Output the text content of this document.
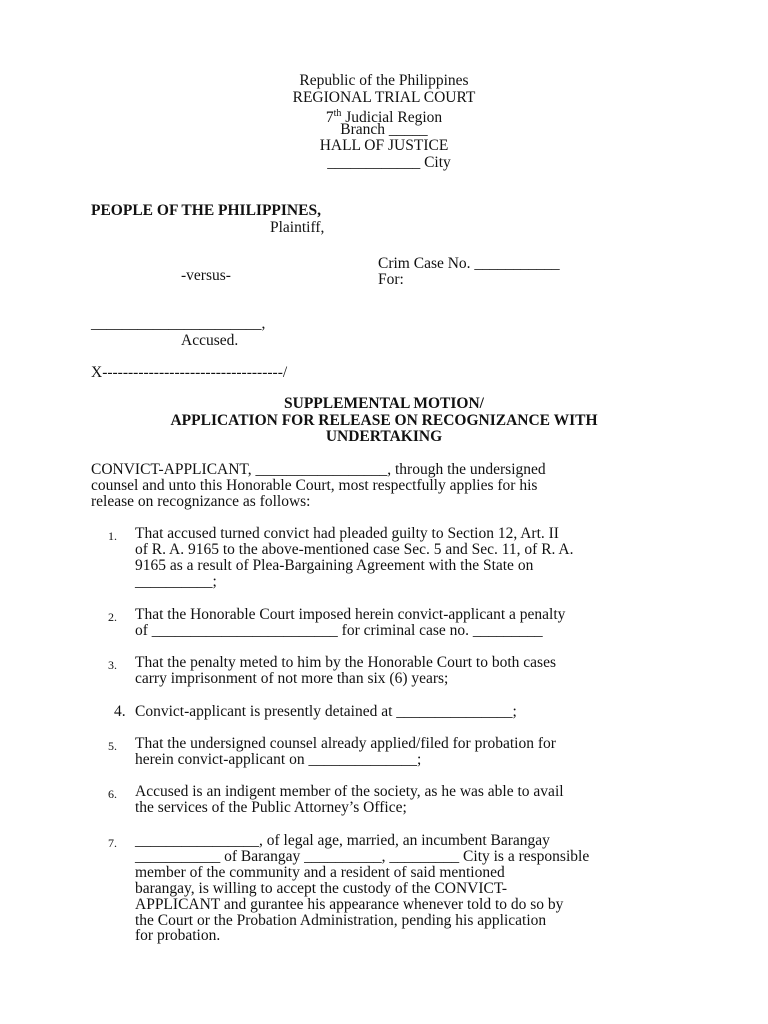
Republic of the Philippines
REGIONAL TRIAL COURT
7th Judicial Region
Branch _____
HALL OF JUSTICE
____________ City
PEOPLE OF THE PHILIPPINES,
Plaintiff,
Crim Case No. ___________
-versus-	For:
______________________,
Accused.
X-----------------------------------/
SUPPLEMENTAL MOTION/
APPLICATION FOR RELEASE ON RECOGNIZANCE WITH
UNDERTAKING
CONVICT-APPLICANT, _________________, through the undersigned
counsel and unto this Honorable Court, most respectfully applies for his
release on recognizance as follows:
1.	That accused turned convict had pleaded guilty to Section 12, Art. II
of R. A. 9165 to the above-mentioned case Sec. 5 and Sec. 11, of R. A.
9165 as a result of Plea-Bargaining Agreement with the State on
__________;
2.	That the Honorable Court imposed herein convict-applicant a penalty
of ________________________ for criminal case no. _________
3.	That the penalty meted to him by the Honorable Court to both cases
carry imprisonment of not more than six (6) years;
4. Convict-applicant is presently detained at _______________;
5.	That the undersigned counsel already applied/filed for probation for
herein convict-applicant on ______________;
6.	Accused is an indigent member of the society, as he was able to avail
the services of the Public Attorney’s Office;
7.	________________, of legal age, married, an incumbent Barangay
___________ of Barangay __________, _________ City is a responsible
member of the community and a resident of said mentioned
barangay, is willing to accept the custody of the CONVICT-
APPLICANT and gurantee his appearance whenever told to do so by
the Court or the Probation Administration, pending his application
for probation.
